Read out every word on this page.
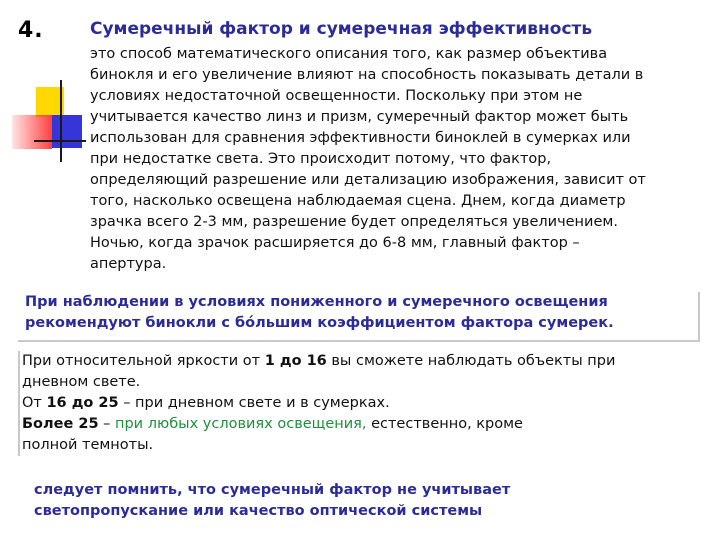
4.	Сумеречный фактор и сумеречная эффективность
это способ математического описания того, как размер объектива
бинокля и его увеличение влияют на способность показывать детали в
условиях недостаточной освещенности. Поскольку при этом не
учитывается качество линз и призм, сумеречный фактор может быть
использован для сравнения эффективности биноклей в сумерках или
при недостатке света. Это происходит потому, что фактор,
определяющий разрешение или детализацию изображения, зависит от
того, насколько освещена наблюдаемая сцена. Днем, когда диаметр
зрачка всего 2-3 мм, разрешение будет определяться увеличением.
Ночью, когда зрачок расширяется до 6-8 мм, главный фактор –
апертура.
При наблюдении в условиях пониженного и сумеречного освещения
рекомендуют бинокли с бóльшим коэффициентом фактора сумерек.
При относительной яркости от 1 до 16 вы сможете наблюдать объекты при
дневном свете.
От 16 до 25 – при дневном свете и в сумерках.
Более 25 – при любых условиях освещения, естественно, кроме
полной темноты.
следует помнить, что сумеречный фактор не учитывает
светопропускание или качество оптической системы
